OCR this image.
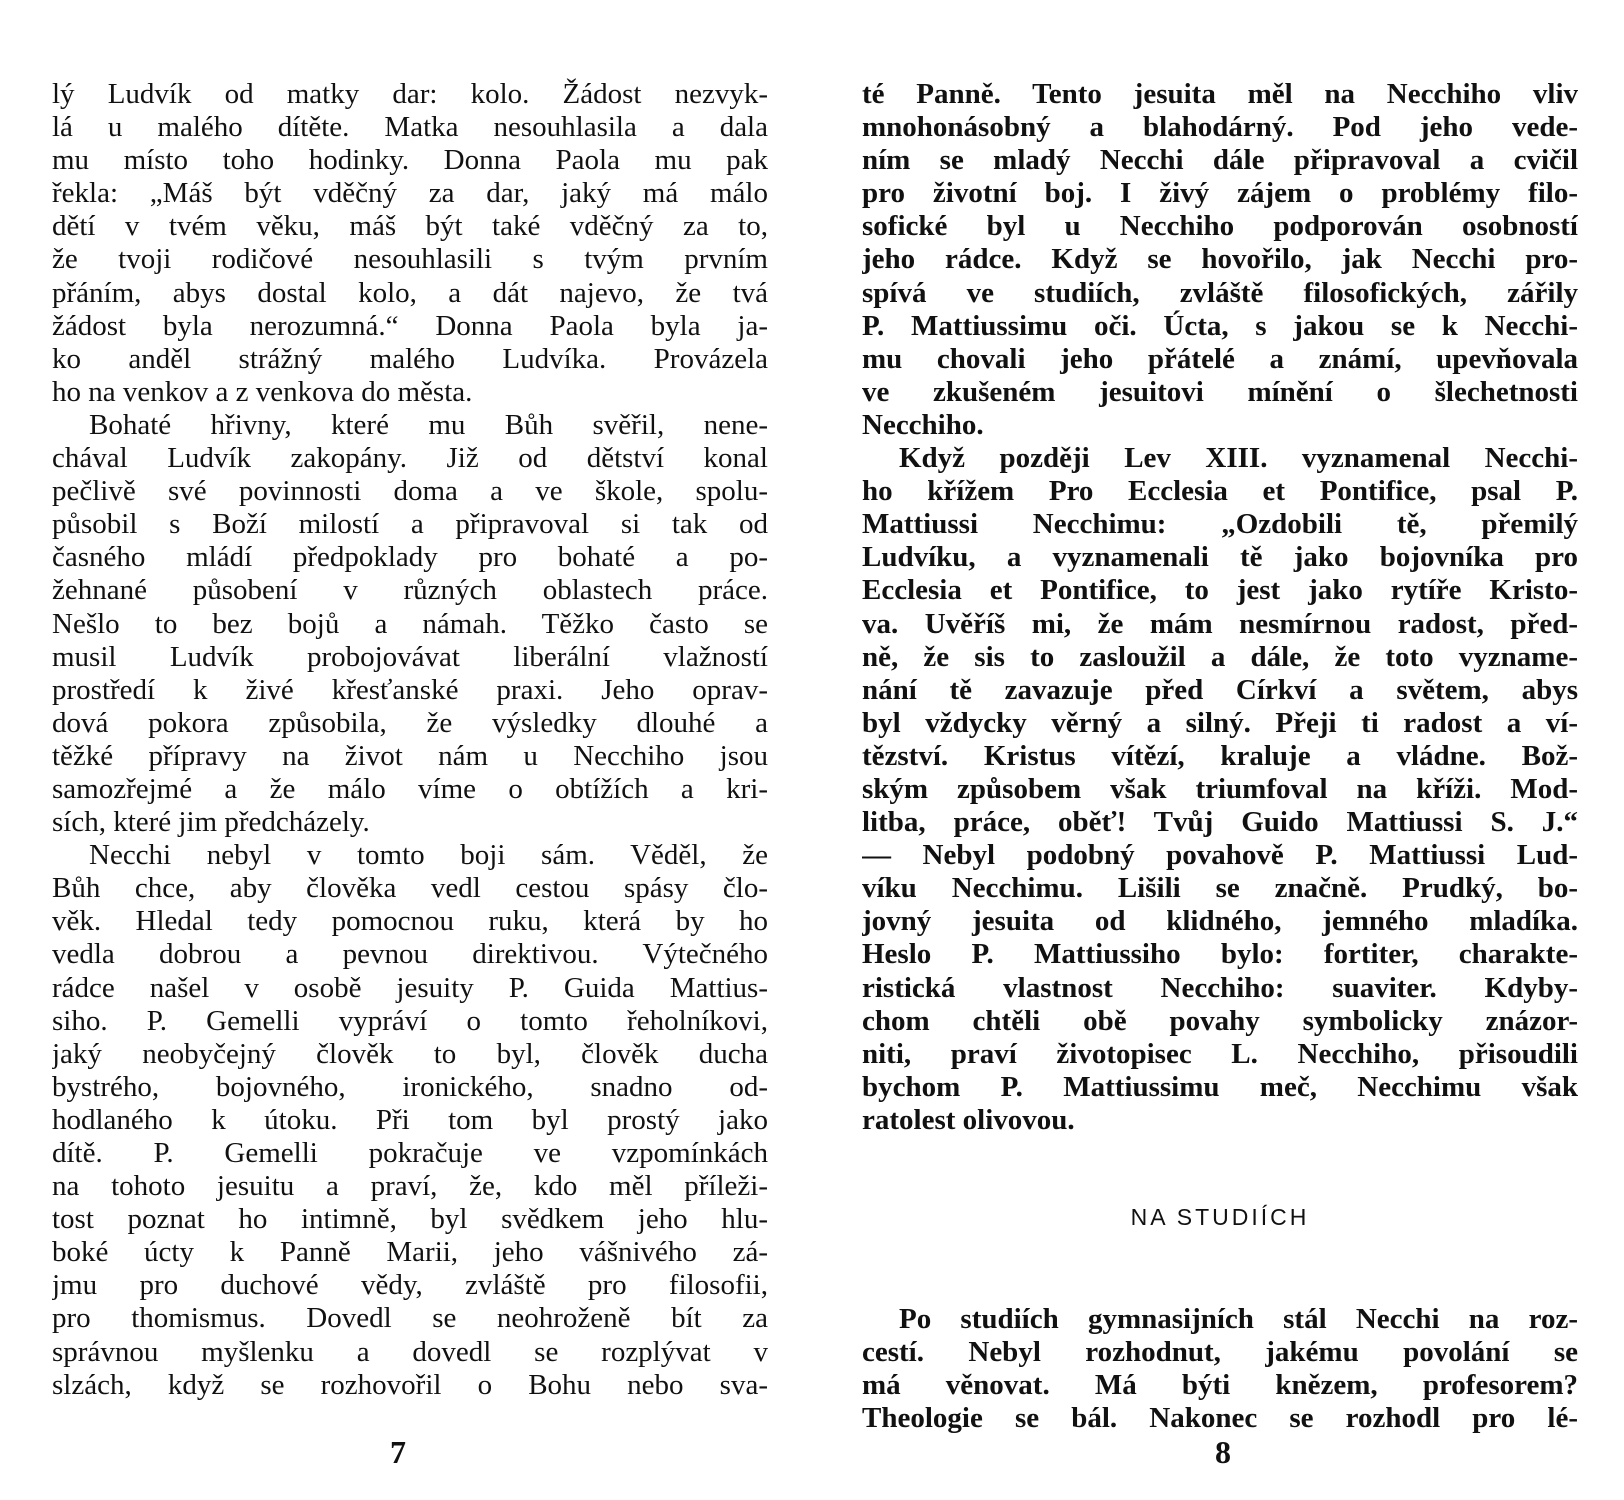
lý Ludvík od matky dar: kolo. Žádost nezvyk-
lá u malého dítěte. Matka nesouhlasila a dala
mu místo toho hodinky. Donna Paola mu pak
řekla: „Máš být vděčný za dar, jaký má málo
dětí v tvém věku, máš být také vděčný za to,
že tvoji rodičové nesouhlasili s tvým prvním
přáním, abys dostal kolo, a dát najevo, že tvá
žádost byla nerozumná.“ Donna Paola byla ja-
ko anděl strážný malého Ludvíka. Provázela
ho na venkov a z venkova do města.
Bohaté hřivny, které mu Bůh svěřil, nene-
chával Ludvík zakopány. Již od dětství konal
pečlivě své povinnosti doma a ve škole, spolu-
působil s Boží milostí a připravoval si tak od
časného mládí předpoklady pro bohaté a po-
žehnané působení v různých oblastech práce.
Nešlo to bez bojů a námah. Těžko často se
musil Ludvík probojovávat liberální vlažností
prostředí k živé křesťanské praxi. Jeho oprav-
dová pokora způsobila, že výsledky dlouhé a
těžké přípravy na život nám u Necchiho jsou
samozřejmé a že málo víme o obtížích a kri-
sích, které jim předcházely.
Necchi nebyl v tomto boji sám. Věděl, že
Bůh chce, aby člověka vedl cestou spásy člo-
věk. Hledal tedy pomocnou ruku, která by ho
vedla dobrou a pevnou direktivou. Výtečného
rádce našel v osobě jesuity P. Guida Mattius-
siho. P. Gemelli vypráví o tomto řeholníkovi,
jaký neobyčejný člověk to byl, člověk ducha
bystrého, bojovného, ironického, snadno od-
hodlaného k útoku. Při tom byl prostý jako
dítě. P. Gemelli pokračuje ve vzpomínkách
na tohoto jesuitu a praví, že, kdo měl příleži-
tost poznat ho intimně, byl svědkem jeho hlu-
boké úcty k Panně Marii, jeho vášnivého zá-
jmu pro duchové vědy, zvláště pro filosofii,
pro thomismus. Dovedl se neohroženě bít za
správnou myšlenku a dovedl se rozplývat v
slzách, když se rozhovořil o Bohu nebo sva-
té Panně. Tento jesuita měl na Necchiho vliv
mnohonásobný a blahodárný. Pod jeho vede-
ním se mladý Necchi dále připravoval a cvičil
pro životní boj. I živý zájem o problémy filo-
sofické byl u Necchiho podporován osobností
jeho rádce. Když se hovořilo, jak Necchi pro-
spívá ve studiích, zvláště filosofických, zářily
P. Mattiussimu oči. Úcta, s jakou se k Necchi-
mu chovali jeho přátelé a známí, upevňovala
ve zkušeném jesuitovi mínění o šlechetnosti
Necchiho.
Když později Lev XIII. vyznamenal Necchi-
ho křížem Pro Ecclesia et Pontifice, psal P.
Mattiussi Necchimu: „Ozdobili tě, přemilý
Ludvíku, a vyznamenali tě jako bojovníka pro
Ecclesia et Pontifice, to jest jako rytíře Kristo-
va. Uvěříš mi, že mám nesmírnou radost, před-
ně, že sis to zasloužil a dále, že toto vyzname-
nání tě zavazuje před Církví a světem, abys
byl vždycky věrný a silný. Přeji ti radost a ví-
tězství. Kristus vítězí, kraluje a vládne. Bož-
ským způsobem však triumfoval na kříži. Mod-
litba, práce, oběť! Tvůj Guido Mattiussi S. J.“
— Nebyl podobný povahově P. Mattiussi Lud-
víku Necchimu. Lišili se značně. Prudký, bo-
jovný jesuita od klidného, jemného mladíka.
Heslo P. Mattiussiho bylo: fortiter, charakte-
ristická vlastnost Necchiho: suaviter. Kdyby-
chom chtěli obě povahy symbolicky znázor-
niti, praví životopisec L. Necchiho, přisoudili
bychom P. Mattiussimu meč, Necchimu však
ratolest olivovou.
NA STUDIÍCH
Po studiích gymnasijních stál Necchi na roz-
cestí. Nebyl rozhodnut, jakému povolání se
má věnovat. Má býti knězem, profesorem?
Theologie se bál. Nakonec se rozhodl pro lé-
7	8
